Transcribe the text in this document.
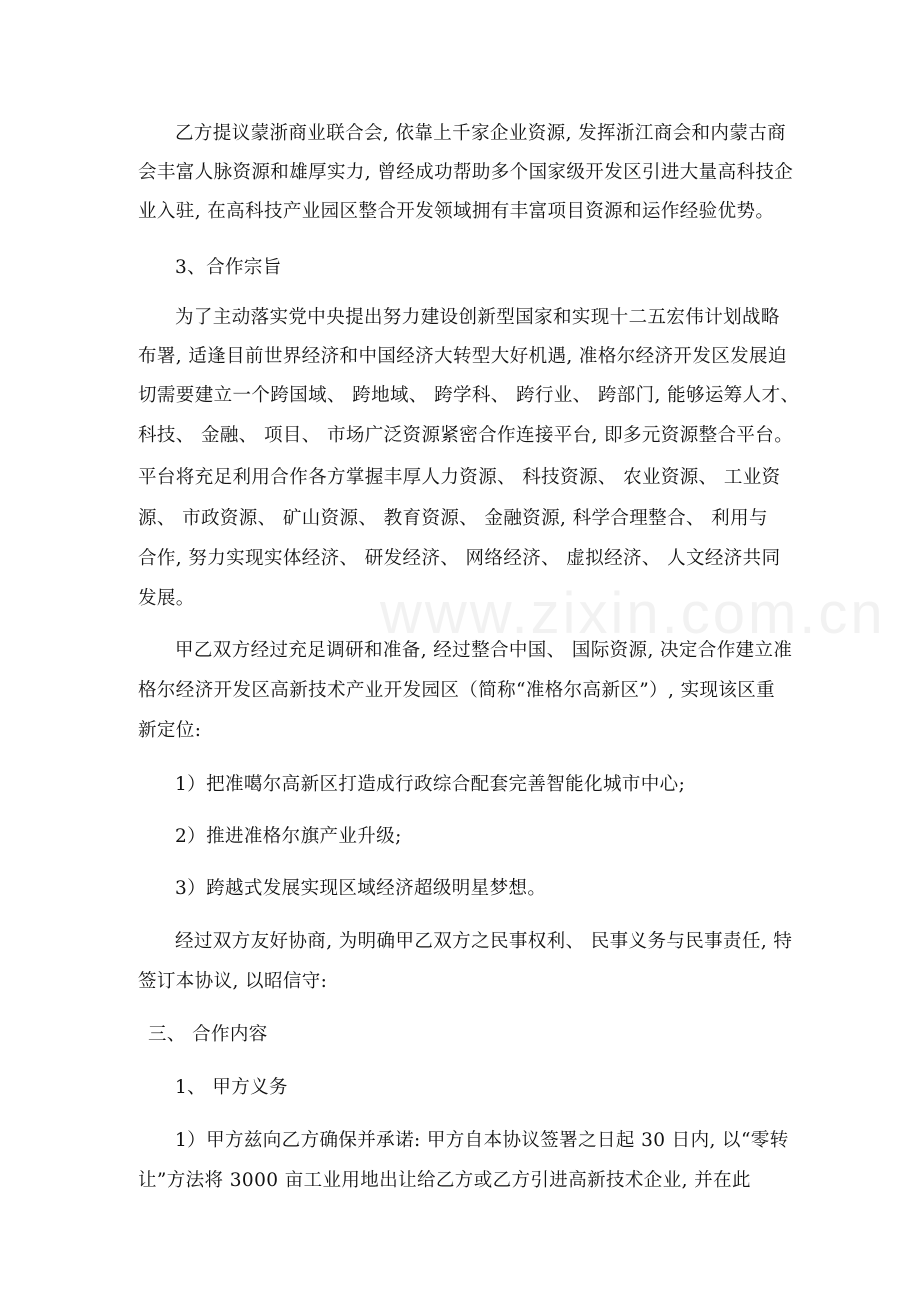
www.zixin.com.cn
乙方提议蒙浙商业联合会, 依靠上千家企业资源, 发挥浙江商会和内蒙古商
会丰富人脉资源和雄厚实力, 曾经成功帮助多个国家级开发区引进大量高科技企
业入驻, 在高科技产业园区整合开发领域拥有丰富项目资源和运作经验优势。
3、合作宗旨
为了主动落实党中央提出努力建设创新型国家和实现十二五宏伟计划战略
布署, 适逢目前世界经济和中国经济大转型大好机遇, 准格尔经济开发区发展迫
切需要建立一个跨国域、 跨地域、 跨学科、 跨行业、 跨部门, 能够运筹人才、
科技、 金融、 项目、 市场广泛资源紧密合作连接平台, 即多元资源整合平台。
平台将充足利用合作各方掌握丰厚人力资源、 科技资源、 农业资源、 工业资
源、 市政资源、 矿山资源、 教育资源、 金融资源, 科学合理整合、 利用与
合作, 努力实现实体经济、 研发经济、 网络经济、 虚拟经济、 人文经济共同
发展。
甲乙双方经过充足调研和准备, 经过整合中国、 国际资源, 决定合作建立准
格尔经济开发区高新技术产业开发园区（简称“准格尔高新区”）, 实现该区重
新定位:
1）把准噶尔高新区打造成行政综合配套完善智能化城市中心;
2）推进准格尔旗产业升级;
3）跨越式发展实现区域经济超级明星梦想。
经过双方友好协商, 为明确甲乙双方之民事权利、 民事义务与民事责任, 特
签订本协议, 以昭信守:
三、 合作内容
1、 甲方义务
1）甲方兹向乙方确保并承诺: 甲方自本协议签署之日起 30 日内, 以“零转
让”方法将 3000 亩工业用地出让给乙方或乙方引进高新技术企业, 并在此
